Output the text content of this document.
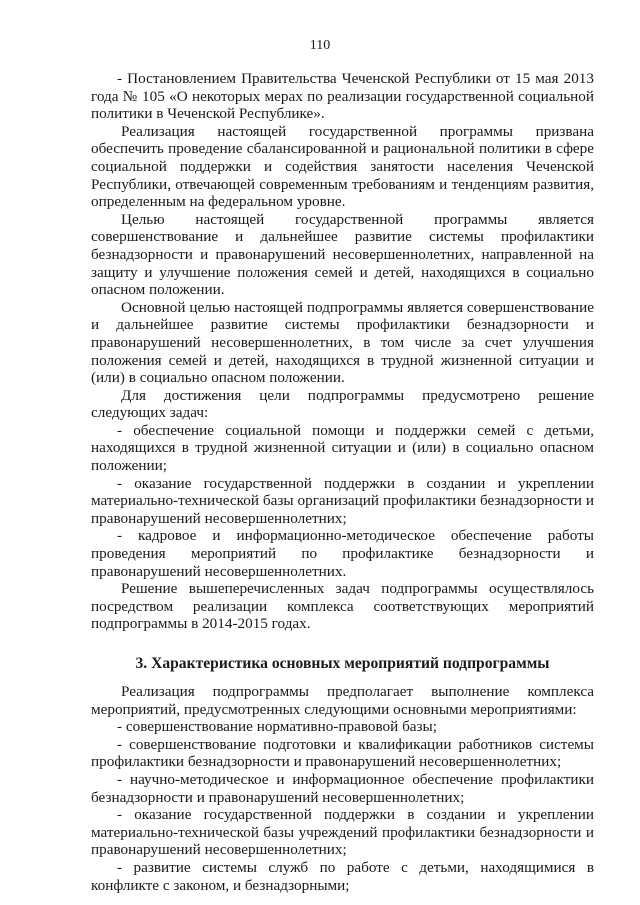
110

- Постановлением Правительства Чеченской Республики от 15 мая 2013 года № 105 «О некоторых мерах по реализации государственной социальной политики в Чеченской Республике».

Реализация настоящей государственной программы призвана обеспечить проведение сбалансированной и рациональной политики в сфере социальной поддержки и содействия занятости населения Чеченской Республики, отвечающей современным требованиям и тенденциям развития, определенным на федеральном уровне.

Целью настоящей государственной программы является совершенствование и дальнейшее развитие системы профилактики безнадзорности и правонарушений несовершеннолетних, направленной на защиту и улучшение положения семей и детей, находящихся в социально опасном положении.

Основной целью настоящей подпрограммы является совершенствование и дальнейшее развитие системы профилактики безнадзорности и правонарушений несовершеннолетних, в том числе за счет улучшения положения семей и детей, находящихся в трудной жизненной ситуации и (или) в социально опасном положении.

Для достижения цели подпрограммы предусмотрено решение следующих задач:

- обеспечение социальной помощи и поддержки семей с детьми, находящихся в трудной жизненной ситуации и (или) в социально опасном положении;

- оказание государственной поддержки в создании и укреплении материально-технической базы организаций профилактики безнадзорности и правонарушений несовершеннолетних;

- кадровое и информационно-методическое обеспечение работы проведения мероприятий по профилактике безнадзорности и правонарушений несовершеннолетних.

Решение вышеперечисленных задач подпрограммы осуществлялось посредством реализации комплекса соответствующих мероприятий подпрограммы в 2014-2015 годах.

3. Характеристика основных мероприятий подпрограммы

Реализация подпрограммы предполагает выполнение комплекса мероприятий, предусмотренных следующими основными мероприятиями:

- совершенствование нормативно-правовой базы;

- совершенствование подготовки и квалификации работников системы профилактики безнадзорности и правонарушений несовершеннолетних;

- научно-методическое и информационное обеспечение профилактики безнадзорности и правонарушений несовершеннолетних;

- оказание государственной поддержки в создании и укреплении материально-технической базы учреждений профилактики безнадзорности и правонарушений несовершеннолетних;

- развитие системы служб по работе с детьми, находящимися в конфликте с законом, и безнадзорными;
